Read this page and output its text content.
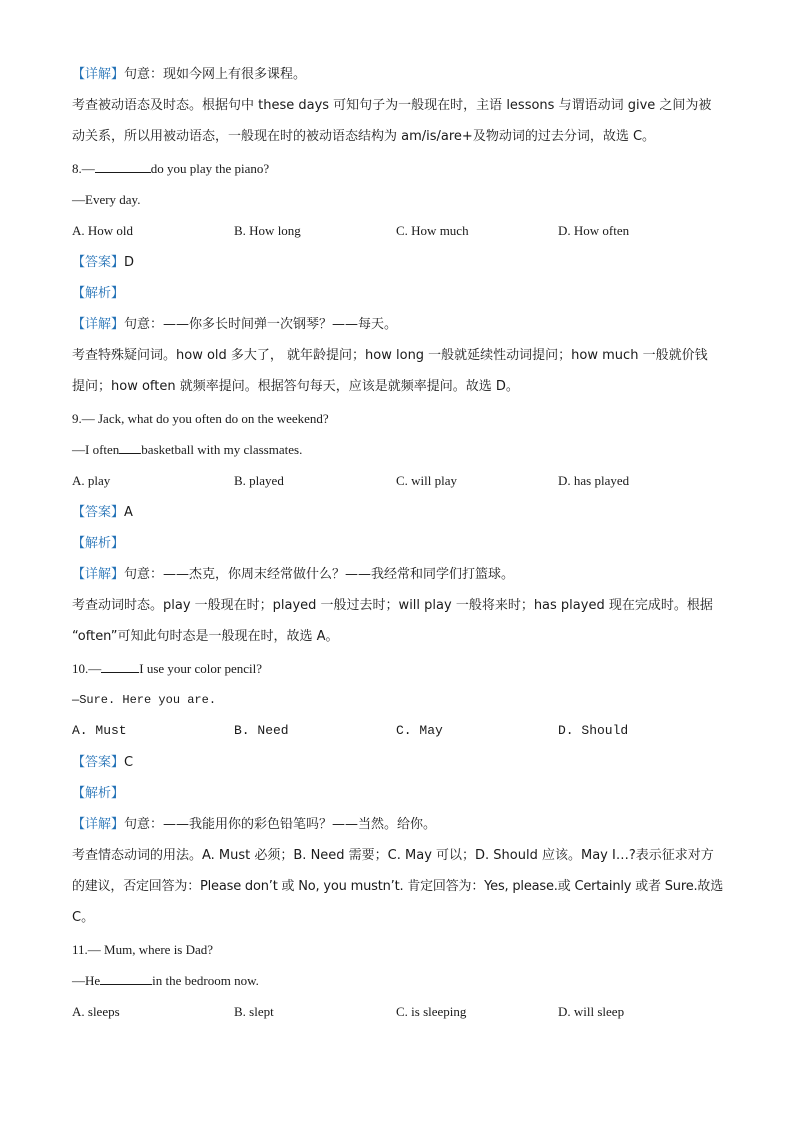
【详解】句意：现如今网上有很多课程。
考查被动语态及时态。根据句中 these days 可知句子为一般现在时，主语 lessons 与谓语动词 give 之间为被
动关系，所以用被动语态，一般现在时的被动语态结构为 am/is/are+及物动词的过去分词，故选 C。
8.—	do you play the piano?
—Every day.
A. How old	B. How long	C. How much	D. How often
【答案】D
【解析】
【详解】句意：——你多长时间弹一次钢琴？——每天。
考查特殊疑问词。how old 多大了， 就年龄提问；how long 一般就延续性动词提问；how much 一般就价钱
提问；how often 就频率提问。根据答句每天，应该是就频率提问。故选 D。
9.— Jack, what do you often do on the weekend?
—I often basketball with my classmates.
A. play	B. played	C. will play	D. has played
【答案】A
【解析】
【详解】句意：——杰克，你周末经常做什么？——我经常和同学们打篮球。
考查动词时态。play 一般现在时；played 一般过去时；will play 一般将来时；has played 现在完成时。根据
“often”可知此句时态是一般现在时，故选 A。
10.—	I use your color pencil?
—Sure. Here you are.
A. Must	B. Need	C. May	D. Should
【答案】C
【解析】
【详解】句意：——我能用你的彩色铅笔吗？——当然。给你。
考查情态动词的用法。A. Must 必须；B. Need 需要；C. May 可以；D. Should 应该。May I…?表示征求对方
的建议，否定回答为：Please don’t 或 No, you mustn’t. 肯定回答为：Yes, please.或 Certainly 或者 Sure.故选
C。
11.— Mum, where is Dad?
—He	in the bedroom now.
A. sleeps	B. slept	C. is sleeping	D. will sleep
